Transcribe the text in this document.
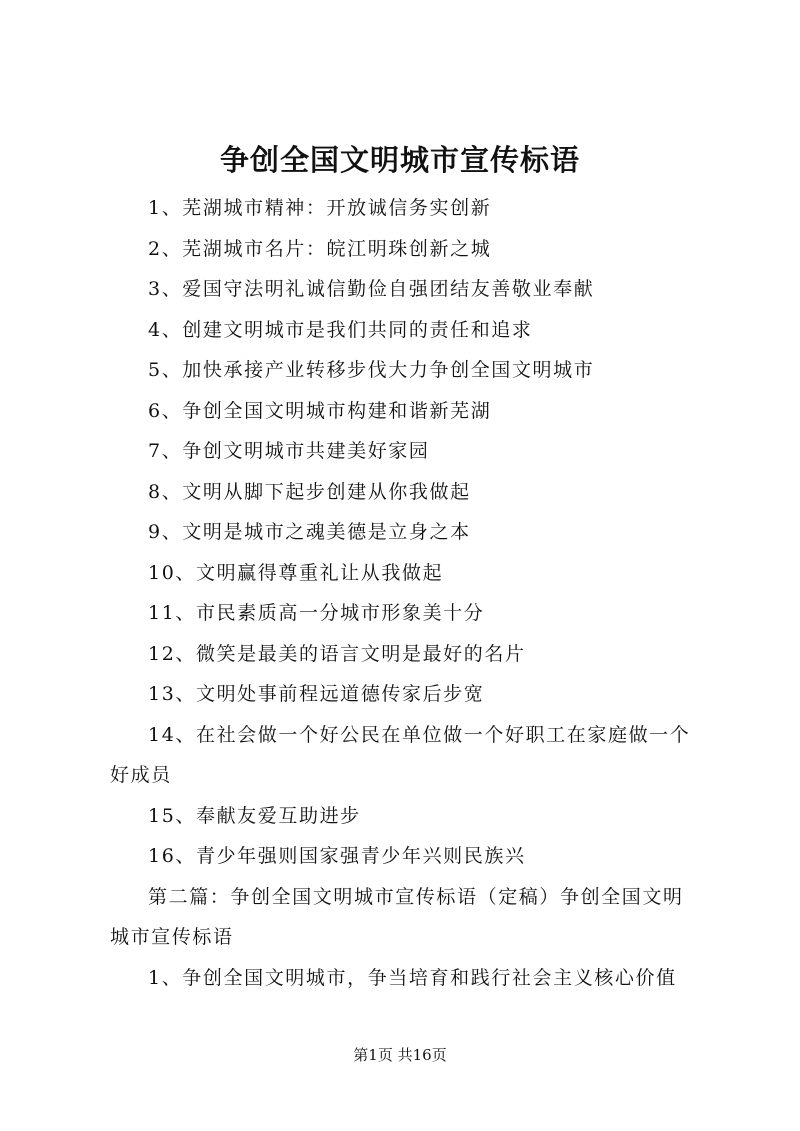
争创全国文明城市宣传标语

1、芜湖城市精神：开放诚信务实创新

2、芜湖城市名片：皖江明珠创新之城

3、爱国守法明礼诚信勤俭自强团结友善敬业奉献

4、创建文明城市是我们共同的责任和追求

5、加快承接产业转移步伐大力争创全国文明城市

6、争创全国文明城市构建和谐新芜湖

7、争创文明城市共建美好家园

8、文明从脚下起步创建从你我做起

9、文明是城市之魂美德是立身之本

10、文明赢得尊重礼让从我做起

11、市民素质高一分城市形象美十分

12、微笑是最美的语言文明是最好的名片

13、文明处事前程远道德传家后步宽

14、在社会做一个好公民在单位做一个好职工在家庭做一个好成员

15、奉献友爱互助进步

16、青少年强则国家强青少年兴则民族兴

第二篇：争创全国文明城市宣传标语（定稿）争创全国文明城市宣传标语

1、争创全国文明城市，争当培育和践行社会主义核心价值

第1页 共16页
